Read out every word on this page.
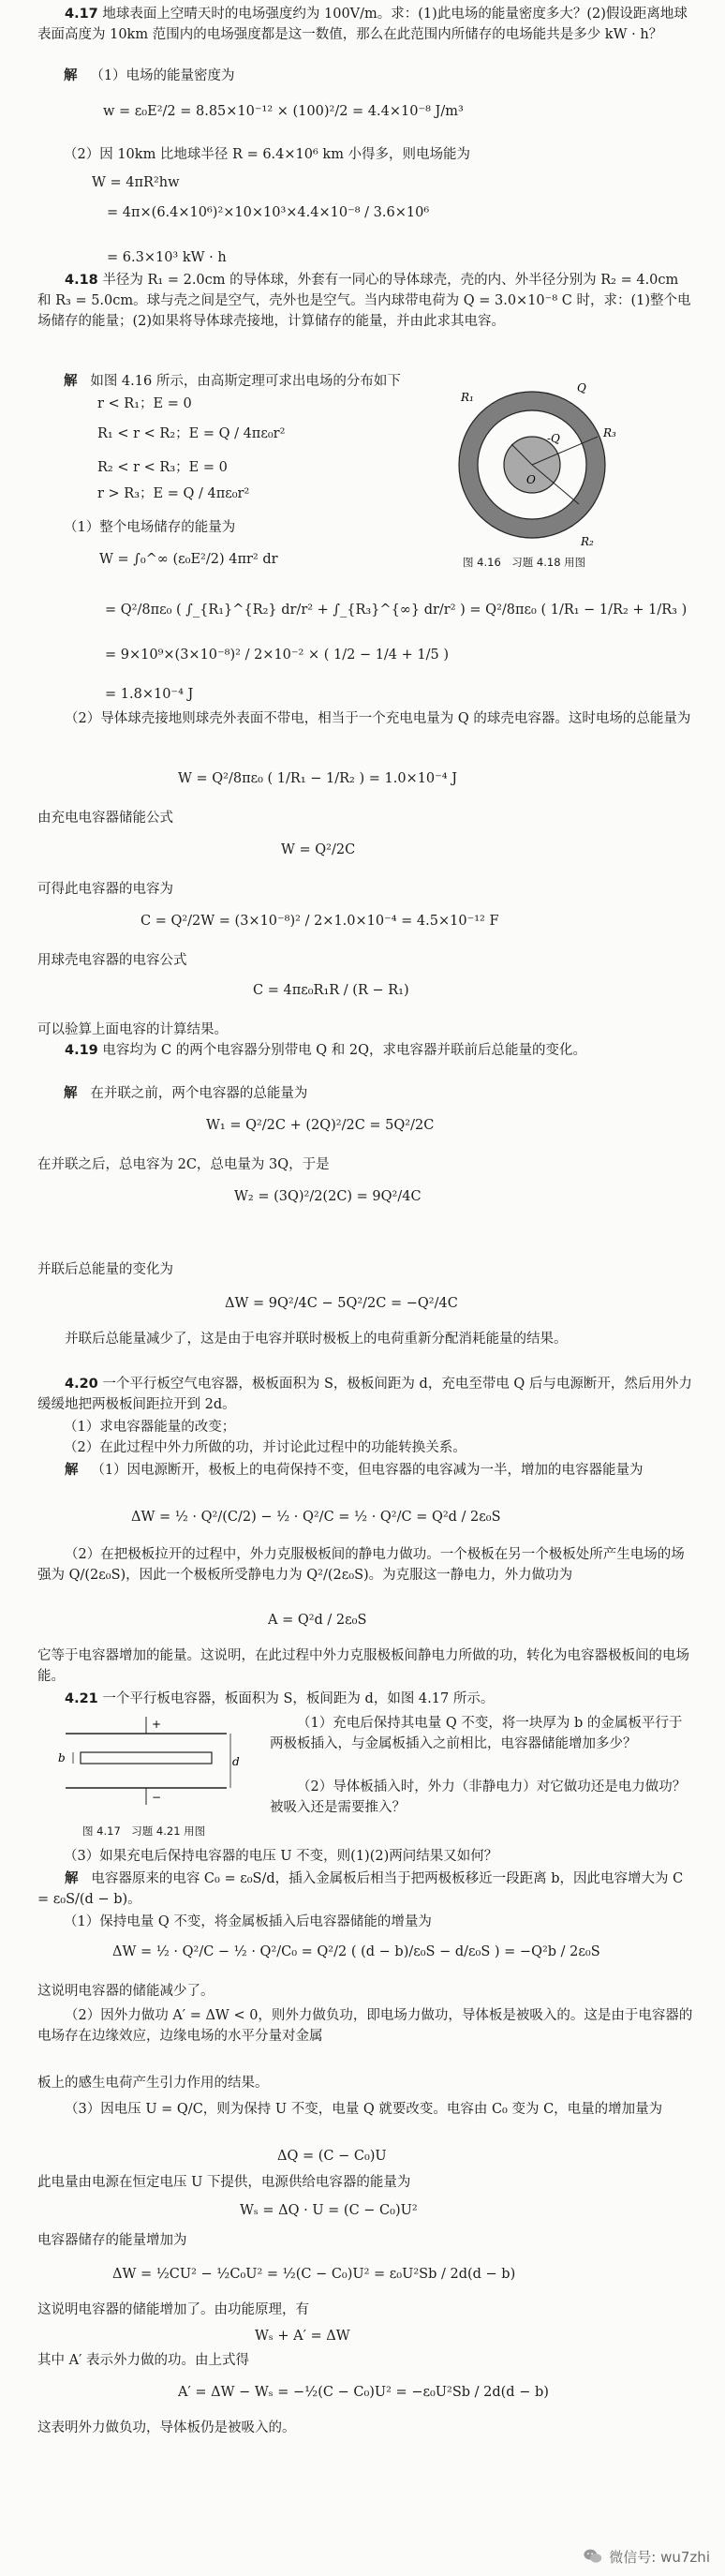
4.17 地球表面上空晴天时的电场强度约为 100V/m。求：(1)此电场的能量密度多大？(2)假设距离地球表面高度为 10km 范围内的电场强度都是这一数值，那么在此范围内所储存的电场能共是多少 kW · h？
解 （1）电场的能量密度为
w = ε₀E²/2 = 8.85×10⁻¹² × (100)²/2 = 4.4×10⁻⁸ J/m³
（2）因 10km 比地球半径 R = 6.4×10⁶ km 小得多，则电场能为
W = 4πR²hw
= 4π×(6.4×10⁶)²×10×10³×4.4×10⁻⁸ / 3.6×10⁶
= 6.3×10³ kW · h
4.18 半径为 R₁ = 2.0cm 的导体球，外套有一同心的导体球壳，壳的内、外半径分别为 R₂ = 4.0cm 和 R₃ = 5.0cm。球与壳之间是空气，壳外也是空气。当内球带电荷为 Q = 3.0×10⁻⁸ C 时，求：(1)整个电场储存的能量；(2)如果将导体球壳接地，计算储存的能量，并由此求其电容。
解 如图 4.16 所示，由高斯定理可求出电场的分布如下
r < R₁；E = 0
R₁ < r < R₂；E = Q / 4πε₀r²
R₂ < r < R₃；E = 0
r > R₃；E = Q / 4πε₀r²
R₁
Q
-Q	R₃
O
R₂
图 4.16　习题 4.18 用图
（1）整个电场储存的能量为
W = ∫₀^∞ (ε₀E²/2) 4πr² dr
= Q²/8πε₀ ( ∫_{R₁}^{R₂} dr/r² + ∫_{R₃}^{∞} dr/r² ) = Q²/8πε₀ ( 1/R₁ − 1/R₂ + 1/R₃ )
= 9×10⁹×(3×10⁻⁸)² / 2×10⁻² × ( 1/2 − 1/4 + 1/5 )
= 1.8×10⁻⁴ J
（2）导体球壳接地则球壳外表面不带电，相当于一个充电电量为 Q 的球壳电容器。这时电场的总能量为
W = Q²/8πε₀ ( 1/R₁ − 1/R₂ ) = 1.0×10⁻⁴ J
由充电电容器储能公式
W = Q²/2C
可得此电容器的电容为
C = Q²/2W = (3×10⁻⁸)² / 2×1.0×10⁻⁴ = 4.5×10⁻¹² F
用球壳电容器的电容公式
C = 4πε₀R₁R / (R − R₁)
可以验算上面电容的计算结果。
4.19 电容均为 C 的两个电容器分别带电 Q 和 2Q，求电容器并联前后总能量的变化。
解 在并联之前，两个电容器的总能量为
W₁ = Q²/2C + (2Q)²/2C = 5Q²/2C
在并联之后，总电容为 2C，总电量为 3Q，于是
W₂ = (3Q)²/2(2C) = 9Q²/4C
并联后总能量的变化为
ΔW = 9Q²/4C − 5Q²/2C = −Q²/4C
并联后总能量减少了，这是由于电容并联时极板上的电荷重新分配消耗能量的结果。
4.20 一个平行板空气电容器，极板面积为 S，极板间距为 d，充电至带电 Q 后与电源断开，然后用外力缓缓地把两极板间距拉开到 2d。
（1）求电容器能量的改变；
（2）在此过程中外力所做的功，并讨论此过程中的功能转换关系。
解 （1）因电源断开，极板上的电荷保持不变，但电容器的电容减为一半，增加的电容器能量为
ΔW = ½ · Q²/(C/2) − ½ · Q²/C = ½ · Q²/C = Q²d / 2ε₀S
（2）在把极板拉开的过程中，外力克服极板间的静电力做功。一个极板在另一个极板处所产生电场的场强为 Q/(2ε₀S)，因此一个极板所受静电力为 Q²/(2ε₀S)。为克服这一静电力，外力做功为
A = Q²d / 2ε₀S
它等于电容器增加的能量。这说明，在此过程中外力克服极板间静电力所做的功，转化为电容器极板间的电场能。
4.21 一个平行板电容器，板面积为 S，板间距为 d，如图 4.17 所示。
+
b	d
−
图 4.17　习题 4.21 用图
（1）充电后保持其电量 Q 不变，将一块厚为 b 的金属板平行于两极板插入，与金属板插入之前相比，电容器储能增加多少？
（2）导体板插入时，外力（非静电力）对它做功还是电力做功？被吸入还是需要推入？
（3）如果充电后保持电容器的电压 U 不变，则(1)(2)两问结果又如何？
解 电容器原来的电容 C₀ = ε₀S/d，插入金属板后相当于把两极板移近一段距离 b，因此电容增大为 C = ε₀S/(d − b)。
（1）保持电量 Q 不变，将金属板插入后电容器储能的增量为
ΔW = ½ · Q²/C − ½ · Q²/C₀ = Q²/2 ( (d − b)/ε₀S − d/ε₀S ) = −Q²b / 2ε₀S
这说明电容器的储能减少了。
（2）因外力做功 A′ = ΔW < 0，则外力做负功，即电场力做功，导体板是被吸入的。这是由于电容器的电场存在边缘效应，边缘电场的水平分量对金属
板上的感生电荷产生引力作用的结果。
（3）因电压 U = Q/C，则为保持 U 不变，电量 Q 就要改变。电容由 C₀ 变为 C，电量的增加量为
ΔQ = (C − C₀)U
此电量由电源在恒定电压 U 下提供，电源供给电容器的能量为
Wₛ = ΔQ · U = (C − C₀)U²
电容器储存的能量增加为
ΔW = ½CU² − ½C₀U² = ½(C − C₀)U² = ε₀U²Sb / 2d(d − b)
这说明电容器的储能增加了。由功能原理，有
Wₛ + A′ = ΔW
其中 A′ 表示外力做的功。由上式得
A′ = ΔW − Wₛ = −½(C − C₀)U² = −ε₀U²Sb / 2d(d − b)
这表明外力做负功，导体板仍是被吸入的。
微信号: wu7zhi
